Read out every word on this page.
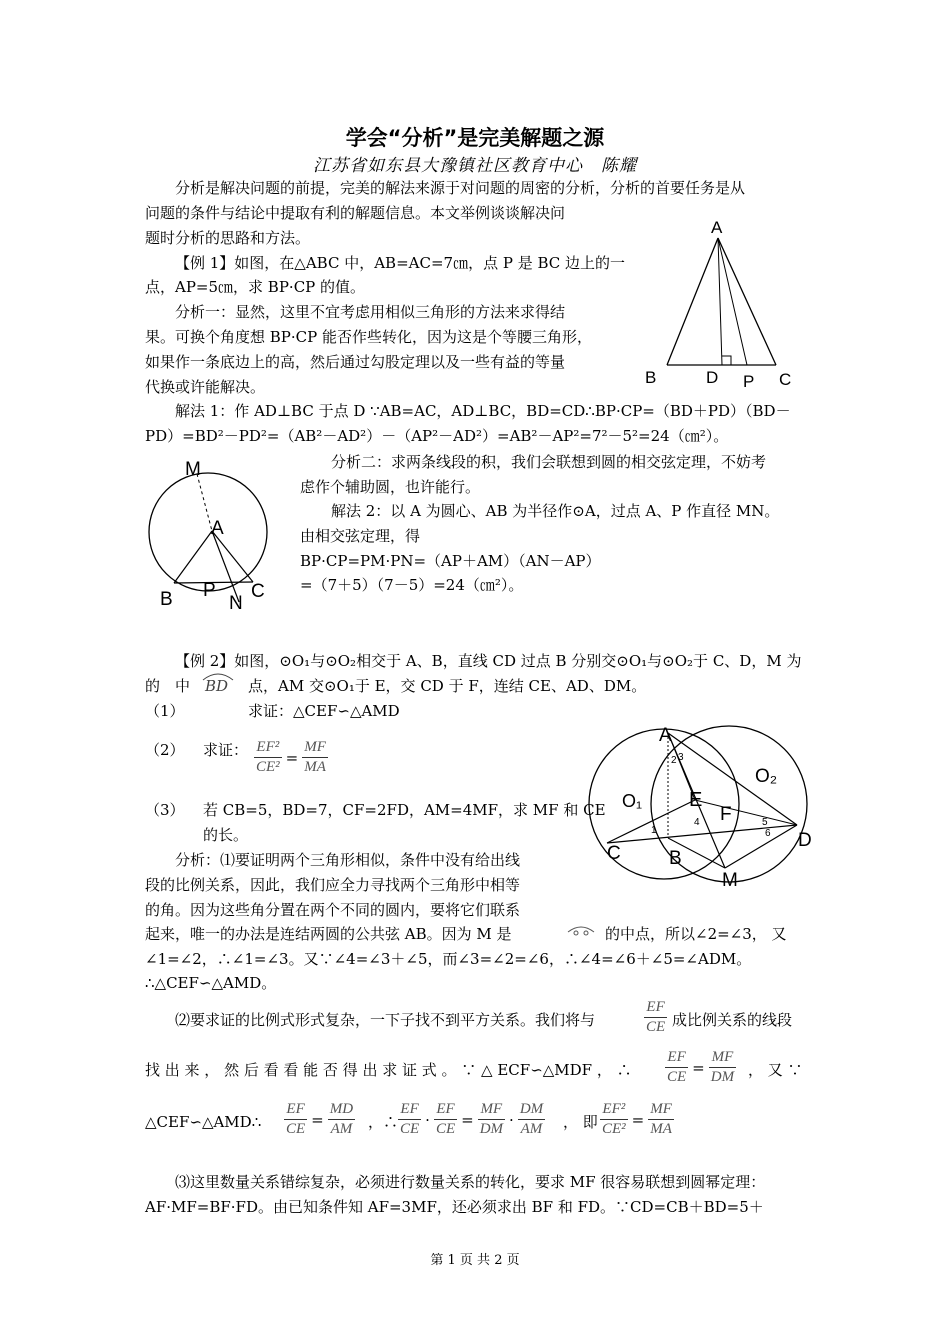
学会“分析”是完美解题之源
江苏省如东县大豫镇社区教育中心　陈耀
分析是解决问题的前提，完美的解法来源于对问题的周密的分析，分析的首要任务是从
问题的条件与结论中提取有利的解题信息。本文举例谈谈解决问
题时分析的思路和方法。
【例 1】如图，在△ABC 中，AB=AC=7㎝，点 P 是 BC 边上的一
点，AP=5㎝，求 BP·CP 的值。
分析一：显然，这里不宜考虑用相似三角形的方法来求得结
果。可换个角度想 BP·CP 能否作些转化，因为这是个等腰三角形，
如果作一条底边上的高，然后通过勾股定理以及一些有益的等量
代换或许能解决。
解法 1：作 AD⊥BC 于点 D ∵AB=AC，AD⊥BC，BD=CD∴BP·CP=（BD＋PD）（BD－
PD）=BD²－PD²=（AB²－AD²）－（AP²－AD²）=AB²－AP²=7²－5²=24（㎝²）。
A
B	D P C
M
A
B P
N
C
分析二：求两条线段的积，我们会联想到圆的相交弦定理，不妨考
虑作个辅助圆，也许能行。
解法 2：以 A 为圆心、AB 为半径作⊙A，过点 A、P 作直径 MN。
由相交弦定理，得
BP·CP=PM·PN=（AP＋AM）（AN－AP）
=（7＋5）（7－5）=24（㎝²）。
【例 2】如图，⊙O₁与⊙O₂相交于 A、B，直线 CD 过点 B 分别交⊙O₁与⊙O₂于 C、D，M 为
的　中 BD 点，AM 交⊙O₁于 E，交 CD 于 F，连结 CE、AD、DM。
（1）	求证：△CEF∽△AMD
（2） 求证： $\frac{\text{EF²}}{\text{CE²}} = \frac{MF}{MA}$
（3） 若 CB=5，BD=7，CF=2FD，AM=4MF，求 MF 和 CE
的长。
分析：⑴要证明两个三角形相似，条件中没有给出线
段的比例关系，因此，我们应全力寻找两个三角形中相等
的角。因为这些角分置在两个不同的圆内，要将它们联系
起来，唯一的办法是连结两圆的公共弦 AB。因为 M 是	的中点，所以∠2=∠3， 又
∠1=∠2，∴∠1=∠3。又∵∠4=∠3＋∠5，而∠3=∠2=∠6，∴∠4=∠6＋∠5=∠ADM。
∴△CEF∽△AMD。
A
O₂
O₁ E
F
D
C	B
M
1
2 3
4	5
6
⑵要求证的比例式形式复杂，一下子找不到平方关系。我们将与	$\frac{EF}{CE}$ 成比例关系的线段
找 出 来 ， 然 后 看 看 能 否 得 出 求 证 式 。 ∵ △ ECF∽△MDF ， ∴ $\frac{EF}{CE} = \frac{MF}{DM}$ ， 又 ∵
△CEF∽△AMD∴ $\frac{EF}{CE} = \frac{MD}{AM}$ ，∴ $\frac{EF}{CE} \cdot \frac{EF}{CE} = \frac{MF}{DM} \cdot \frac{DM}{AM}$ ， 即 $\frac{\text{EF²}}{\text{CE²}} = \frac{MF}{MA}$
⑶这里数量关系错综复杂，必须进行数量关系的转化，要求 MF 很容易联想到圆幂定理：
AF·MF=BF·FD。由已知条件知 AF=3MF，还必须求出 BF 和 FD。∵CD=CB＋BD=5＋
第 1 页 共 2 页
